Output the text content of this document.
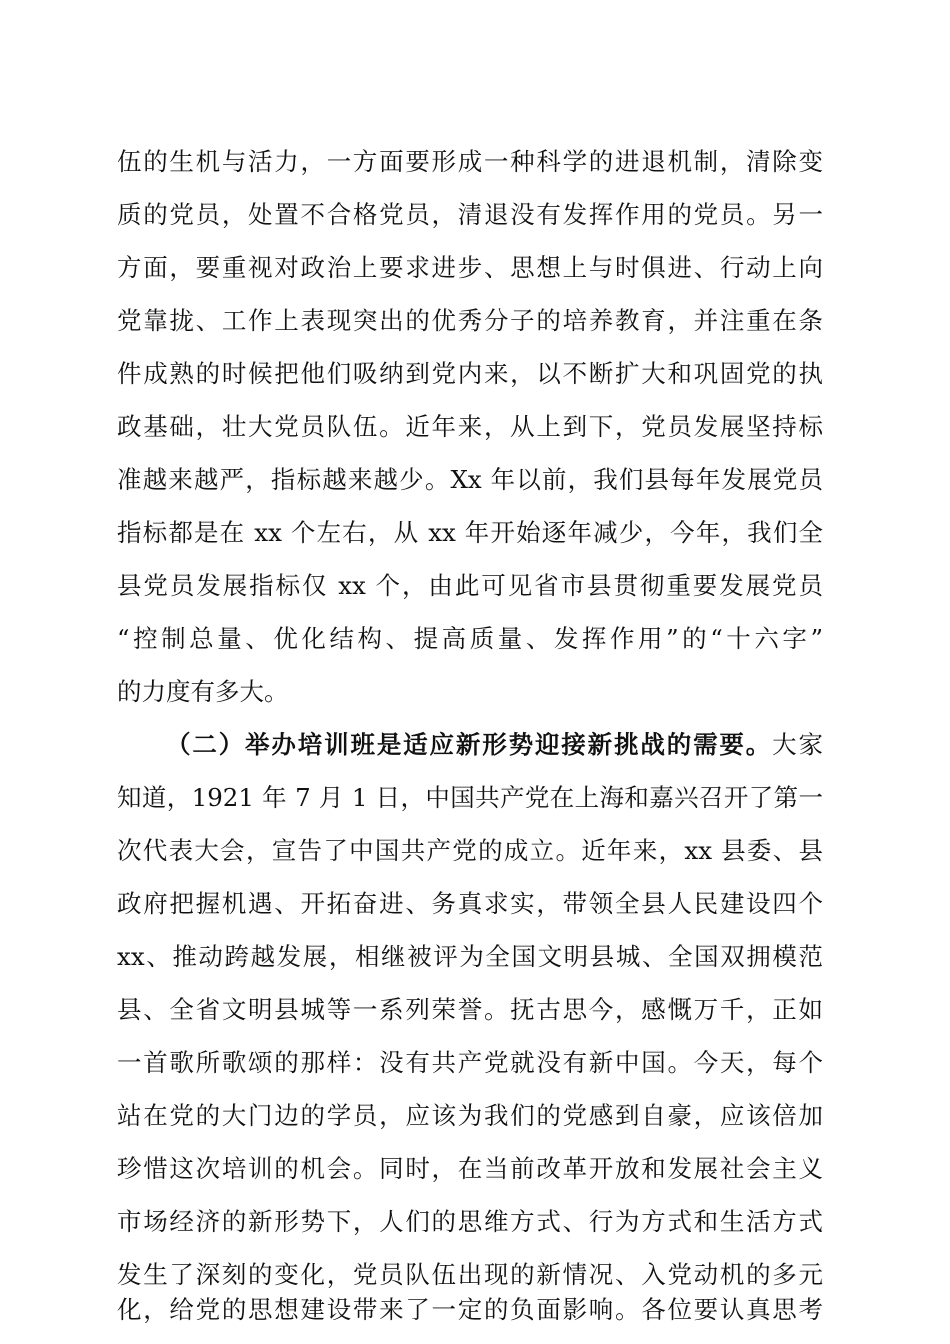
伍的生机与活力，一方面要形成一种科学的进退机制，清除变
质的党员，处置不合格党员，清退没有发挥作用的党员。另一
方面，要重视对政治上要求进步、思想上与时俱进、行动上向
党靠拢、工作上表现突出的优秀分子的培养教育，并注重在条
件成熟的时候把他们吸纳到党内来，以不断扩大和巩固党的执
政基础，壮大党员队伍。近年来，从上到下，党员发展坚持标
准越来越严，指标越来越少。Xx 年以前，我们县每年发展党员
指标都是在 xx 个左右，从 xx 年开始逐年减少，今年，我们全
县党员发展指标仅 xx 个，由此可见省市县贯彻重要发展党员
“控制总量、优化结构、提高质量、发挥作用”的“十六字”
的力度有多大。
（二）举办培训班是适应新形势迎接新挑战的需要。大家
知道，1921 年 7 月 1 日，中国共产党在上海和嘉兴召开了第一
次代表大会，宣告了中国共产党的成立。近年来，xx 县委、县
政府把握机遇、开拓奋进、务真求实，带领全县人民建设四个
xx、推动跨越发展，相继被评为全国文明县城、全国双拥模范
县、全省文明县城等一系列荣誉。抚古思今，感慨万千，正如
一首歌所歌颂的那样：没有共产党就没有新中国。今天，每个
站在党的大门边的学员，应该为我们的党感到自豪，应该倍加
珍惜这次培训的机会。同时，在当前改革开放和发展社会主义
市场经济的新形势下，人们的思维方式、行为方式和生活方式
发生了深刻的变化，党员队伍出现的新情况、入党动机的多元
化，给党的思想建设带来了一定的负面影响。各位要认真思考
